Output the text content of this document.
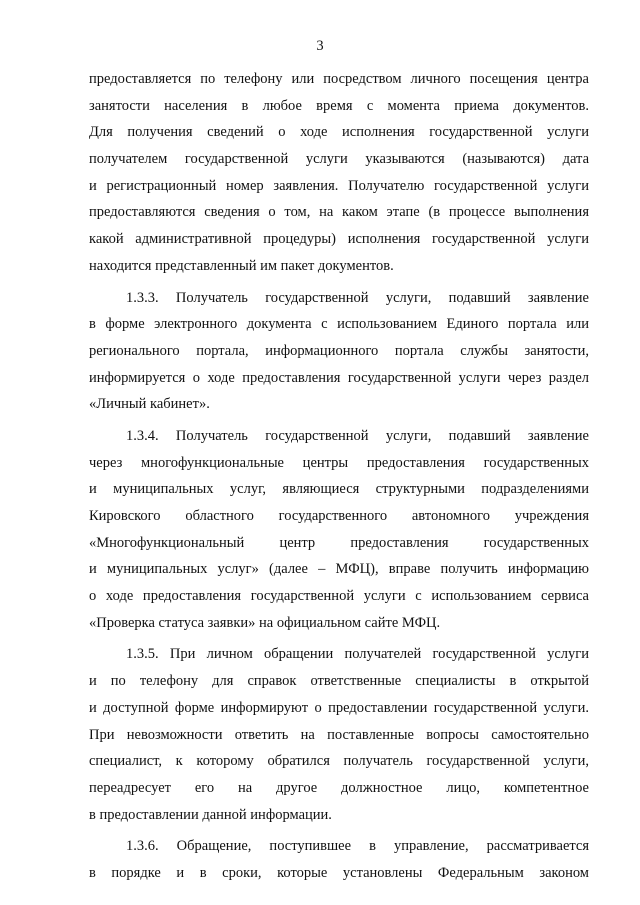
3
предоставляется по телефону или посредством личного посещения центра
занятости населения в любое время с момента приема документов.
Для получения сведений о ходе исполнения государственной услуги
получателем государственной услуги указываются (называются) дата
и регистрационный номер заявления. Получателю государственной услуги
предоставляются сведения о том, на каком этапе (в процессе выполнения
какой административной процедуры) исполнения государственной услуги
находится представленный им пакет документов.
1.3.3. Получатель государственной услуги, подавший заявление
в форме электронного документа с использованием Единого портала или
регионального портала, информационного портала службы занятости,
информируется о ходе предоставления государственной услуги через раздел
«Личный кабинет».
1.3.4. Получатель государственной услуги, подавший заявление
через многофункциональные центры предоставления государственных
и муниципальных услуг, являющиеся структурными подразделениями
Кировского областного государственного автономного учреждения
«Многофункциональный центр предоставления государственных
и муниципальных услуг» (далее – МФЦ), вправе получить информацию
о ходе предоставления государственной услуги с использованием сервиса
«Проверка статуса заявки» на официальном сайте МФЦ.
1.3.5. При личном обращении получателей государственной услуги
и по телефону для справок ответственные специалисты в открытой
и доступной форме информируют о предоставлении государственной услуги.
При невозможности ответить на поставленные вопросы самостоятельно
специалист, к которому обратился получатель государственной услуги,
переадресует его на другое должностное лицо, компетентное
в предоставлении данной информации.
1.3.6. Обращение, поступившее в управление, рассматривается
в порядке и в сроки, которые установлены Федеральным законом
